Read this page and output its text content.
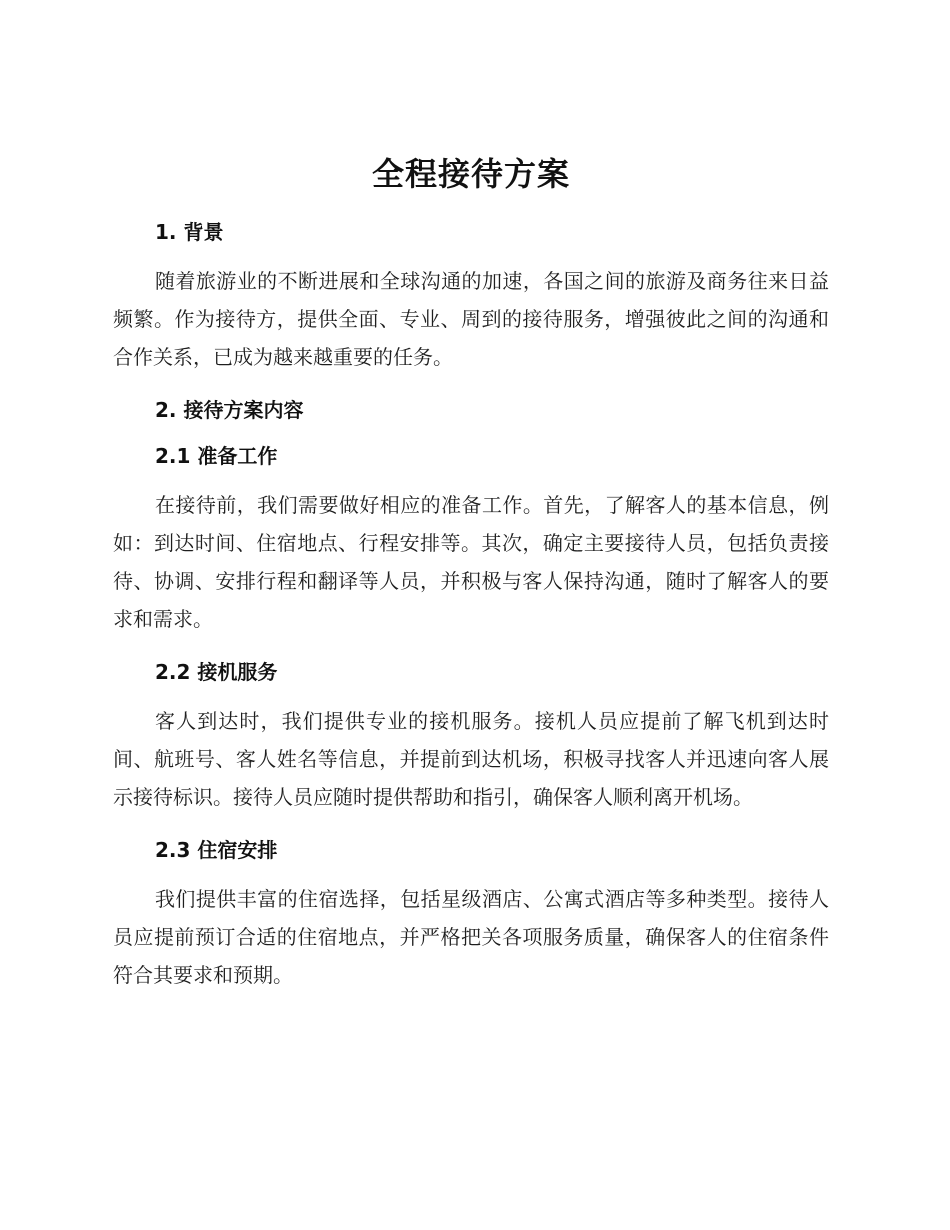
全程接待方案
1. 背景

随着旅游业的不断进展和全球沟通的加速，各国之间的旅游及商务往来日益频繁。作为接待方，提供全面、专业、周到的接待服务，增强彼此之间的沟通和合作关系，已成为越来越重要的任务。

2. 接待方案内容
2.1 准备工作

在接待前，我们需要做好相应的准备工作。首先，了解客人的基本信息，例如：到达时间、住宿地点、行程安排等。其次，确定主要接待人员，包括负责接待、协调、安排行程和翻译等人员，并积极与客人保持沟通，随时了解客人的要求和需求。

2.2 接机服务

客人到达时，我们提供专业的接机服务。接机人员应提前了解飞机到达时间、航班号、客人姓名等信息，并提前到达机场，积极寻找客人并迅速向客人展示接待标识。接待人员应随时提供帮助和指引，确保客人顺利离开机场。

2.3 住宿安排

我们提供丰富的住宿选择，包括星级酒店、公寓式酒店等多种类型。接待人员应提前预订合适的住宿地点，并严格把关各项服务质量，确保客人的住宿条件符合其要求和预期。
